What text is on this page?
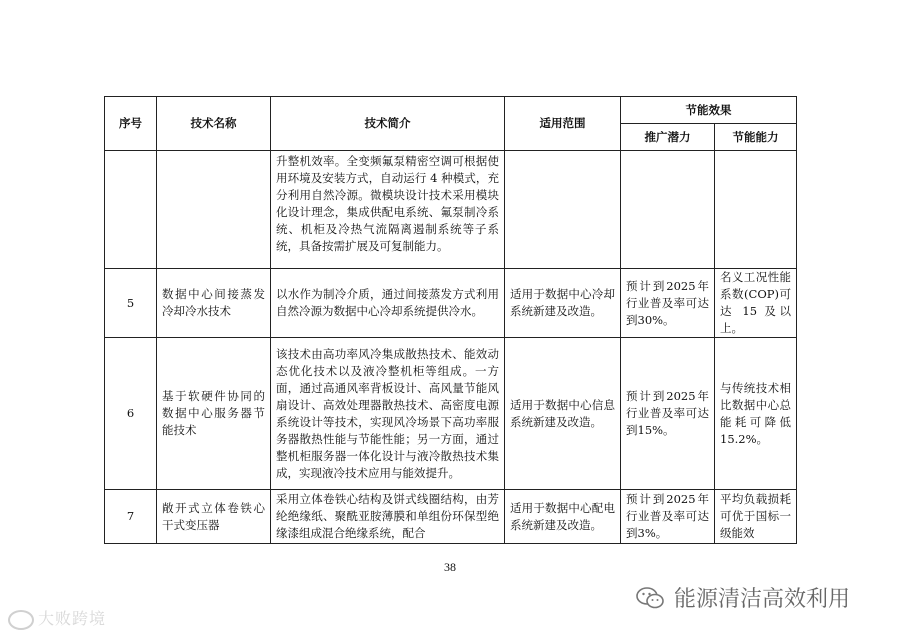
序号	技术名称	技术简介	适用范围	节能效果	
				推广潜力	节能能力
		升整机效率。全变频氟泵精密空调可根据使用环境及安装方式，自动运行 4 种模式，充分利用自然冷源。微模块设计技术采用模块化设计理念，集成供配电系统、氟泵制冷系统、机柜及冷热气流隔离遏制系统等子系统，具备按需扩展及可复制能力。			
5	数据中心间接蒸发冷却冷水技术	以水作为制冷介质，通过间接蒸发方式利用自然冷源为数据中心冷却系统提供冷水。	适用于数据中心冷却系统新建及改造。	预计到2025年行业普及率可达到30%。	名义工况性能系数(COP)可达 15 及以上。
6	基于软硬件协同的数据中心服务器节能技术	该技术由高功率风冷集成散热技术、能效动态优化技术以及液冷整机柜等组成。一方面，通过高通风率背板设计、高风量节能风扇设计、高效处理器散热技术、高密度电源系统设计等技术，实现风冷场景下高功率服务器散热性能与节能性能；另一方面，通过整机柜服务器一体化设计与液冷散热技术集成，实现液冷技术应用与能效提升。	适用于数据中心信息系统新建及改造。	预计到2025年行业普及率可达到15%。	与传统技术相比数据中心总能耗可降低15.2%。
7	敞开式立体卷铁心干式变压器	采用立体卷铁心结构及饼式线圈结构，由芳纶绝缘纸、聚酰亚胺薄膜和单组份环保型绝缘漆组成混合绝缘系统，配合	适用于数据中心配电系统新建及改造。	预计到2025年行业普及率可达到3%。	平均负载损耗可优于国标一级能效
38
大败跨境
能源清洁高效利用
